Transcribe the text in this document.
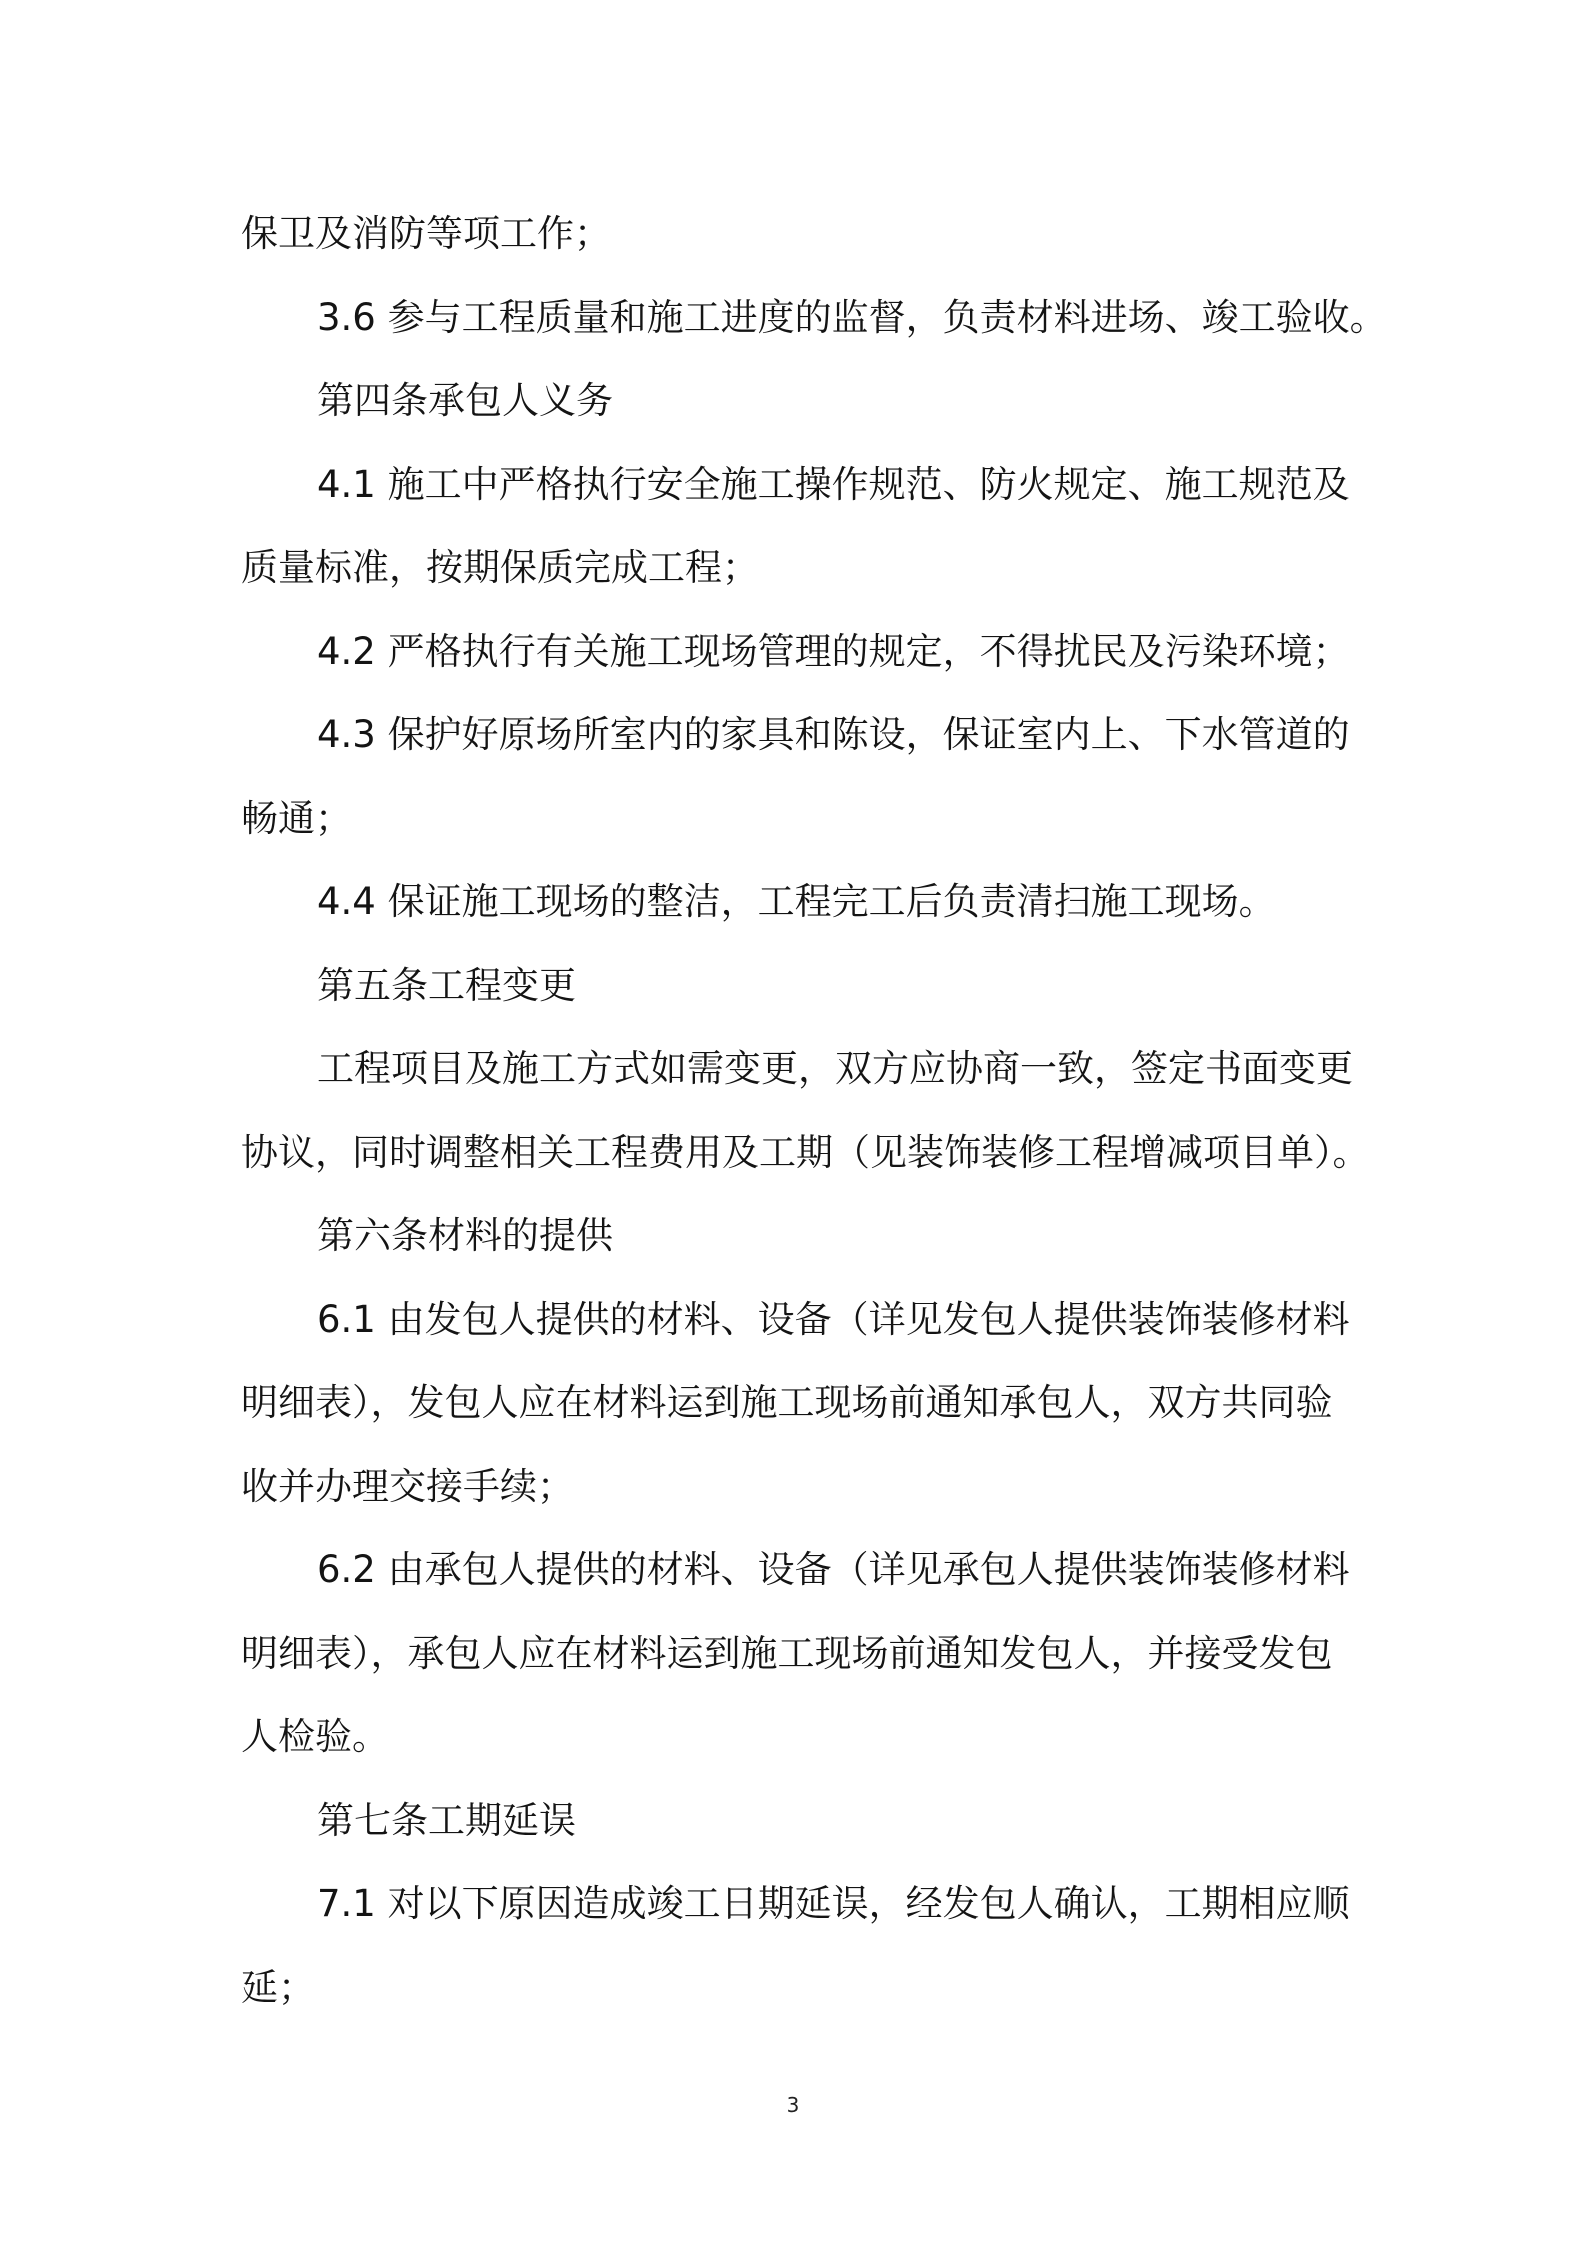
保卫及消防等项工作；

3.6 参与工程质量和施工进度的监督，负责材料进场、竣工验收。

第四条承包人义务

4.1 施工中严格执行安全施工操作规范、防火规定、施工规范及

质量标准，按期保质完成工程；

4.2 严格执行有关施工现场管理的规定，不得扰民及污染环境；

4.3 保护好原场所室内的家具和陈设，保证室内上、下水管道的

畅通；

4.4 保证施工现场的整洁，工程完工后负责清扫施工现场。

第五条工程变更

工程项目及施工方式如需变更，双方应协商一致，签定书面变更

协议，同时调整相关工程费用及工期（见装饰装修工程增减项目单）。

第六条材料的提供

6.1 由发包人提供的材料、设备（详见发包人提供装饰装修材料

明细表），发包人应在材料运到施工现场前通知承包人，双方共同验

收并办理交接手续；

6.2 由承包人提供的材料、设备（详见承包人提供装饰装修材料

明细表），承包人应在材料运到施工现场前通知发包人，并接受发包

人检验。

第七条工期延误

7.1 对以下原因造成竣工日期延误，经发包人确认，工期相应顺

延；

3
